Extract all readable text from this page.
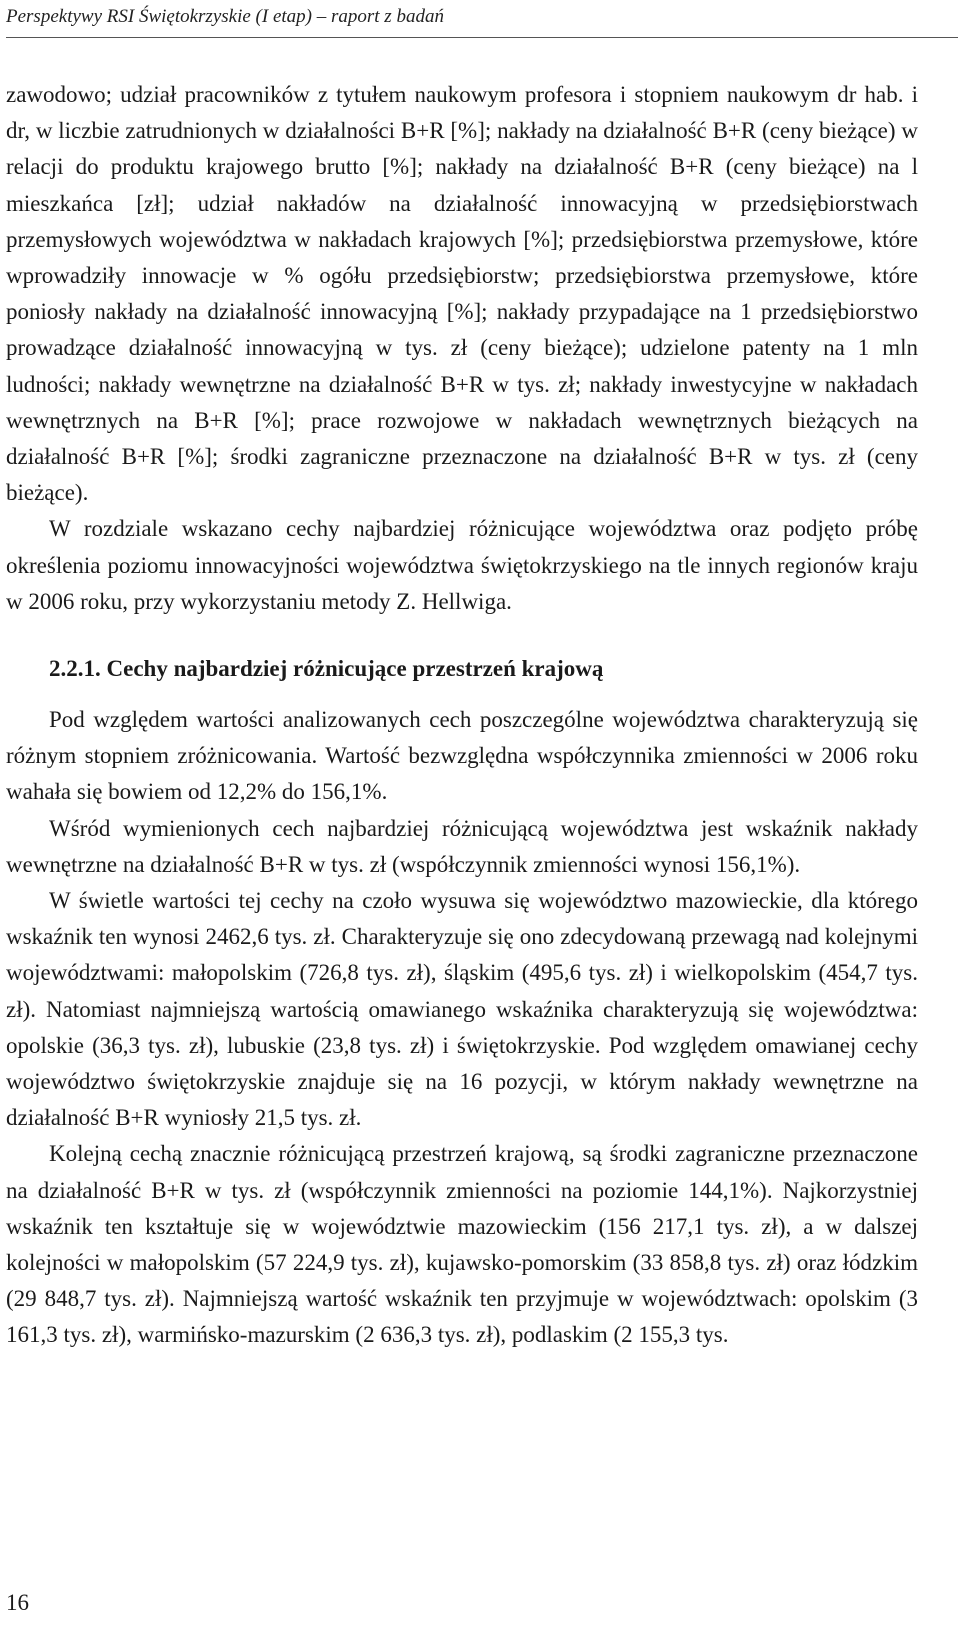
Perspektywy RSI Świętokrzyskie (I etap) – raport z badań

zawodowo; udział pracowników z tytułem naukowym profesora i stopniem naukowym dr hab. i dr, w liczbie zatrudnionych w działalności B+R [%]; nakłady na działalność B+R (ceny bieżące) w relacji do produktu krajowego brutto [%]; nakłady na działalność B+R (ceny bieżące) na l mieszkańca [zł]; udział nakładów na działalność innowacyjną w przedsiębiorstwach przemysłowych województwa w nakładach krajowych [%]; przedsiębiorstwa przemysłowe, które wprowadziły innowacje w % ogółu przedsiębiorstw; przedsiębiorstwa przemysłowe, które poniosły nakłady na działalność innowacyjną [%]; nakłady przypadające na 1 przedsiębiorstwo prowadzące działalność innowacyjną w tys. zł (ceny bieżące); udzielone patenty na 1 mln ludności; nakłady wewnętrzne na działalność B+R w tys. zł; nakłady inwestycyjne w nakładach wewnętrznych na B+R [%]; prace rozwojowe w nakładach wewnętrznych bieżących na działalność B+R [%]; środki zagraniczne przeznaczone na działalność B+R w tys. zł (ceny bieżące).

W rozdziale wskazano cechy najbardziej różnicujące województwa oraz podjęto próbę określenia poziomu innowacyjności województwa świętokrzyskiego na tle innych regionów kraju w 2006 roku, przy wykorzystaniu metody Z. Hellwiga.

2.2.1. Cechy najbardziej różnicujące przestrzeń krajową

Pod względem wartości analizowanych cech poszczególne województwa charakteryzują się różnym stopniem zróżnicowania. Wartość bezwzględna współczynnika zmienności w 2006 roku wahała się bowiem od 12,2% do 156,1%.

Wśród wymienionych cech najbardziej różnicującą województwa jest wskaźnik nakłady wewnętrzne na działalność B+R w tys. zł (współczynnik zmienności wynosi 156,1%).

W świetle wartości tej cechy na czoło wysuwa się województwo mazowieckie, dla którego wskaźnik ten wynosi 2462,6 tys. zł. Charakteryzuje się ono zdecydowaną przewagą nad kolejnymi województwami: małopolskim (726,8 tys. zł), śląskim (495,6 tys. zł) i wielkopolskim (454,7 tys. zł). Natomiast najmniejszą wartością omawianego wskaźnika charakteryzują się województwa: opolskie (36,3 tys. zł), lubuskie (23,8 tys. zł) i świętokrzyskie. Pod względem omawianej cechy województwo świętokrzyskie znajduje się na 16 pozycji, w którym nakłady wewnętrzne na działalność B+R wyniosły 21,5 tys. zł.

Kolejną cechą znacznie różnicującą przestrzeń krajową, są środki zagraniczne przeznaczone na działalność B+R w tys. zł (współczynnik zmienności na poziomie 144,1%). Najkorzystniej wskaźnik ten kształtuje się w województwie mazowieckim (156 217,1 tys. zł), a w dalszej kolejności w małopolskim (57 224,9 tys. zł), kujawsko-pomorskim (33 858,8 tys. zł) oraz łódzkim (29 848,7 tys. zł). Najmniejszą wartość wskaźnik ten przyjmuje w województwach: opolskim (3 161,3 tys. zł), warmińsko-mazurskim (2 636,3 tys. zł), podlaskim (2 155,3 tys.

16
